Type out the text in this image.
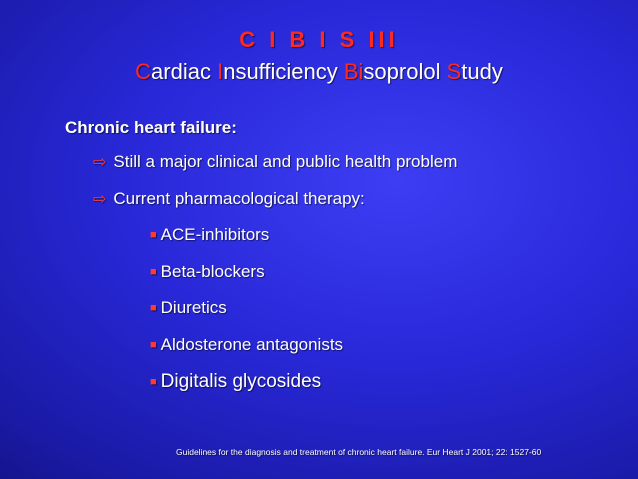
C I B I S III
Cardiac Insufficiency Bisoprolol Study
Chronic heart failure:
⇨ Still a major clinical and public health problem
⇨ Current pharmacological therapy:
■ ACE-inhibitors
■ Beta-blockers
■ Diuretics
■ Aldosterone antagonists
■ Digitalis glycosides
Guidelines for the diagnosis and treatment of chronic heart failure. Eur Heart J 2001; 22: 1527-60
